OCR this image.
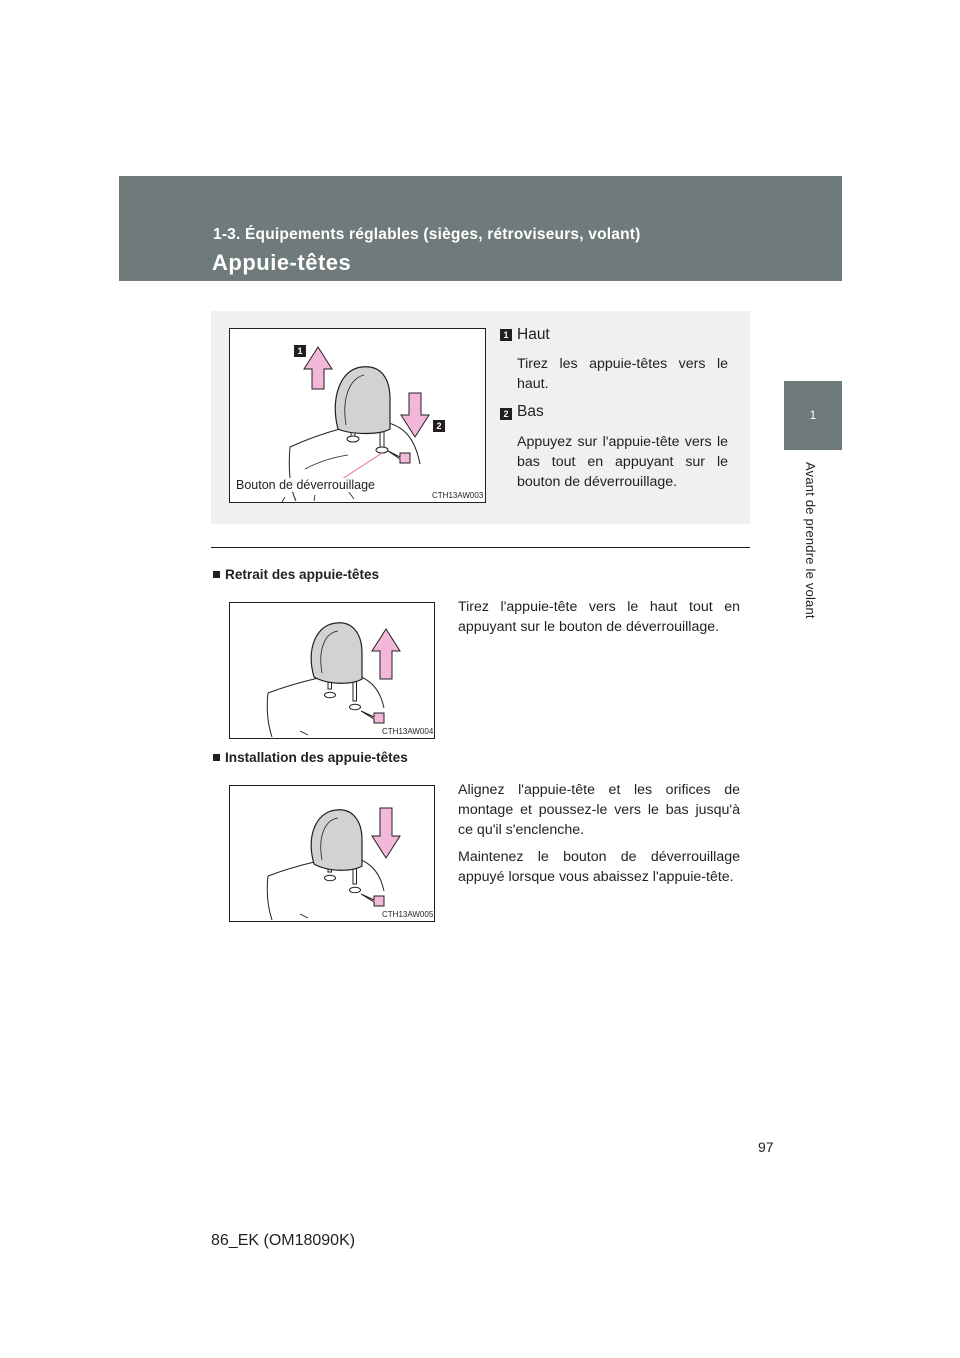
1-3. Équipements réglables (sièges, rétroviseurs, volant)
Appuie-têtes
1
Avant de prendre le volant
1
2
Bouton de déverrouillage
CTH13AW003
1 Haut

Tirez les appuie-têtes vers le haut.

2 Bas

Appuyez sur l'appuie-tête vers le bas tout en appuyant sur le bouton de déverrouillage.

Retrait des appuie-têtes
CTH13AW004

Tirez l'appuie-tête vers le haut tout en appuyant sur le bouton de déverrouillage.

Installation des appuie-têtes
CTH13AW005

Alignez l'appuie-tête et les orifices de montage et poussez-le vers le bas jusqu'à ce qu'il s'enclenche.

Maintenez le bouton de déverrouillage appuyé lorsque vous abaissez l'appuie-tête.

97
86_EK (OM18090K)
